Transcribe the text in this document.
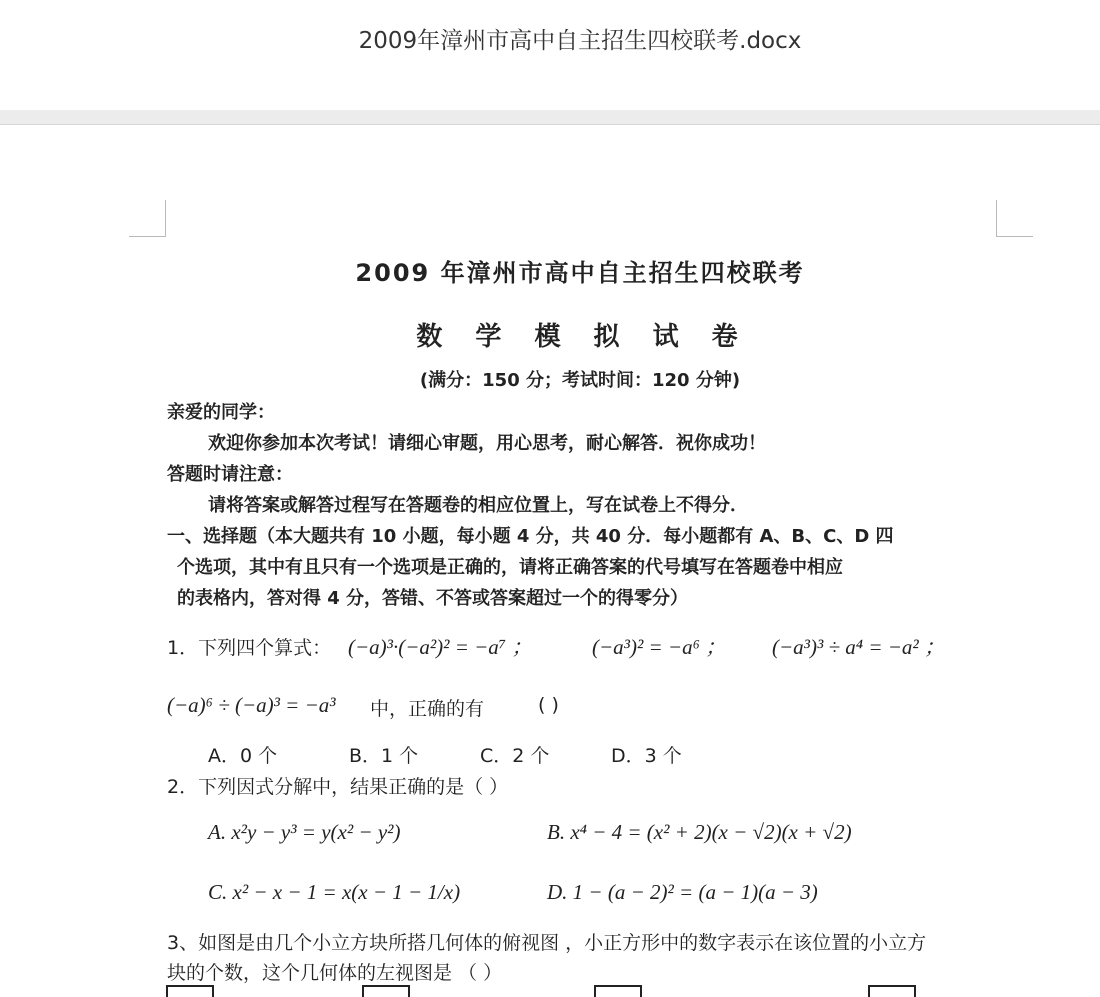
2009年漳州市高中自主招生四校联考.docx
2009 年漳州市高中自主招生四校联考
数 学 模 拟 试 卷
(满分：150 分；考试时间：120 分钟)
亲爱的同学：
欢迎你参加本次考试！请细心审题，用心思考，耐心解答．祝你成功！
答题时请注意：
请将答案或解答过程写在答题卷的相应位置上，写在试卷上不得分．
一、选择题（本大题共有 10 小题，每小题 4 分，共 40 分．每小题都有 A、B、C、D 四
个选项，其中有且只有一个选项是正确的，请将正确答案的代号填写在答题卷中相应
的表格内，答对得 4 分，答错、不答或答案超过一个的得零分）
1．下列四个算式： (−a)³·(−a²)² = −a⁷ ；	(−a³)² = −a⁶ ； (−a³)³ ÷ a⁴ = −a² ；
(−a)⁶ ÷ (−a)³ = −a³ 中，正确的有	( )
A．0 个	B．1 个	C．2 个	D．3 个
2．下列因式分解中，结果正确的是（ ）
A. x²y − y³ = y(x² − y²)	B. x⁴ − 4 = (x² + 2)(x − √2)(x + √2)
C. x² − x − 1 = x(x − 1 − 1/x)	D. 1 − (a − 2)² = (a − 1)(a − 3)
3、如图是由几个小立方块所搭几何体的俯视图 ，小正方形中的数字表示在该位置的小立方
块的个数，这个几何体的左视图是 （ ）
